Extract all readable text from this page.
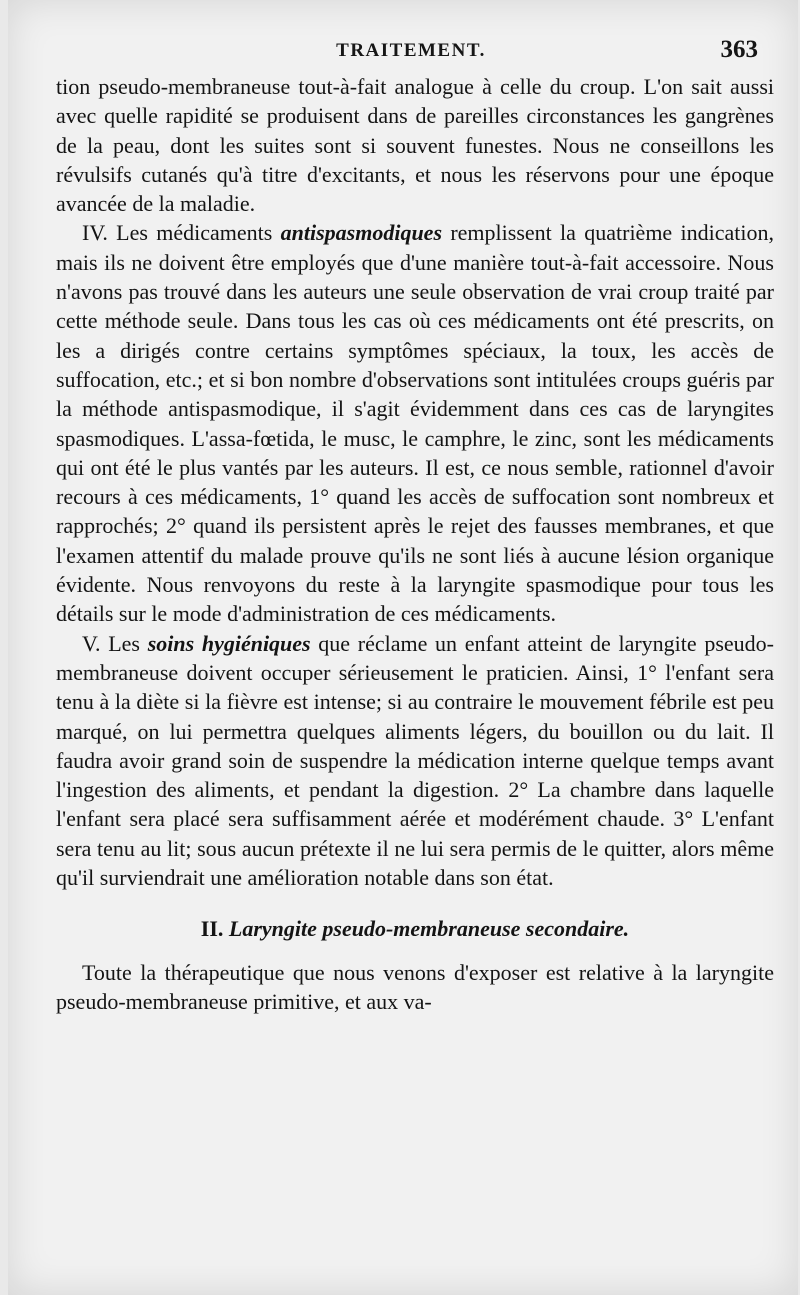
TRAITEMENT.	363

tion pseudo-membraneuse tout-à-fait analogue à celle du croup. L'on sait aussi avec quelle rapidité se produisent dans de pareilles circonstances les gangrènes de la peau, dont les suites sont si souvent funestes. Nous ne conseillons les révulsifs cutanés qu'à titre d'excitants, et nous les réservons pour une époque avancée de la maladie.

IV. Les médicaments antispasmodiques remplissent la quatrième indication, mais ils ne doivent être employés que d'une manière tout-à-fait accessoire. Nous n'avons pas trouvé dans les auteurs une seule observation de vrai croup traité par cette méthode seule. Dans tous les cas où ces médicaments ont été prescrits, on les a dirigés contre certains symptômes spéciaux, la toux, les accès de suffocation, etc.; et si bon nombre d'observations sont intitulées croups guéris par la méthode antispasmodique, il s'agit évidemment dans ces cas de laryngites spasmodiques. L'assa-fœtida, le musc, le camphre, le zinc, sont les médicaments qui ont été le plus vantés par les auteurs. Il est, ce nous semble, rationnel d'avoir recours à ces médicaments, 1° quand les accès de suffocation sont nombreux et rapprochés; 2° quand ils persistent après le rejet des fausses membranes, et que l'examen attentif du malade prouve qu'ils ne sont liés à aucune lésion organique évidente. Nous renvoyons du reste à la laryngite spasmodique pour tous les détails sur le mode d'administration de ces médicaments.

V. Les soins hygiéniques que réclame un enfant atteint de laryngite pseudo-membraneuse doivent occuper sérieusement le praticien. Ainsi, 1° l'enfant sera tenu à la diète si la fièvre est intense; si au contraire le mouvement fébrile est peu marqué, on lui permettra quelques aliments légers, du bouillon ou du lait. Il faudra avoir grand soin de suspendre la médication interne quelque temps avant l'ingestion des aliments, et pendant la digestion. 2° La chambre dans laquelle l'enfant sera placé sera suffisamment aérée et modérément chaude. 3° L'enfant sera tenu au lit; sous aucun prétexte il ne lui sera permis de le quitter, alors même qu'il surviendrait une amélioration notable dans son état.

II. Laryngite pseudo-membraneuse secondaire.

Toute la thérapeutique que nous venons d'exposer est relative à la laryngite pseudo-membraneuse primitive, et aux va-
